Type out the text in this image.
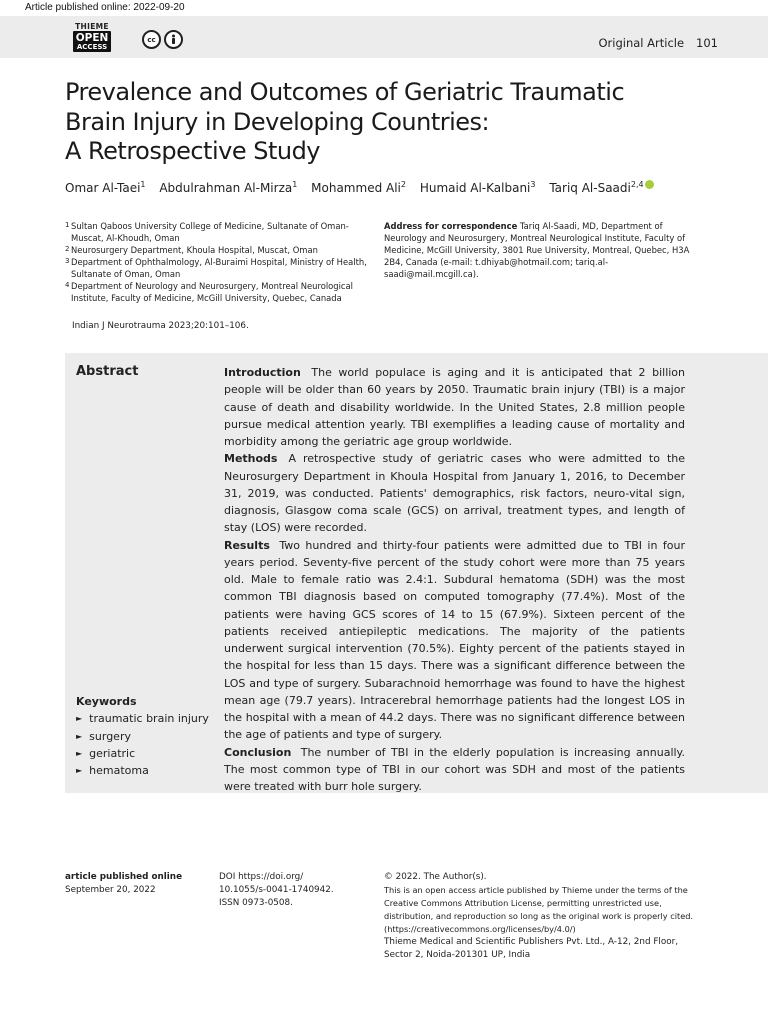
Article published online: 2022-09-20
THIEME
OPEN
ACCESS
cc	Original Article 101
Prevalence and Outcomes of Geriatric Traumatic
Brain Injury in Developing Countries:
A Retrospective Study
Omar Al-Taei$^1$ Abdulrahman Al-Mirza$^1$ Mohammed Ali$^2$ Humaid Al-Kalbani$^3$ Tariq Al-Saadi$^{2,4}$
1 Sultan Qaboos University College of Medicine, Sultanate of Oman-Muscat, Al-Khoudh, Oman
2 Neurosurgery Department, Khoula Hospital, Muscat, Oman
3 Department of Ophthalmology, Al-Buraimi Hospital, Ministry of Health, Sultanate of Oman, Oman
4 Department of Neurology and Neurosurgery, Montreal Neurological Institute, Faculty of Medicine, McGill University, Quebec, Canada
Address for correspondence Tariq Al-Saadi, MD, Department of Neurology and Neurosurgery, Montreal Neurological Institute, Faculty of Medicine, McGill University, 3801 Rue University, Montreal, Quebec, H3A 2B4, Canada (e-mail: t.dhiyab@hotmail.com; tariq.al-saadi@mail.mcgill.ca).
Indian J Neurotrauma 2023;20:101–106.
Abstract	Introduction The world populace is aging and it is anticipated that 2 billion people will be older than 60 years by 2050. Traumatic brain injury (TBI) is a major cause of death and disability worldwide. In the United States, 2.8 million people pursue medical attention yearly. TBI exemplifies a leading cause of mortality and morbidity among the geriatric age group worldwide.

Methods A retrospective study of geriatric cases who were admitted to the Neurosurgery Department in Khoula Hospital from January 1, 2016, to December 31, 2019, was conducted. Patients' demographics, risk factors, neuro-vital sign, diagnosis, Glasgow coma scale (GCS) on arrival, treatment types, and length of stay (LOS) were recorded.

Results Two hundred and thirty-four patients were admitted due to TBI in four years period. Seventy-five percent of the study cohort were more than 75 years old. Male to female ratio was 2.4:1. Subdural hematoma (SDH) was the most common TBI diagnosis based on computed tomography (77.4%). Most of the patients were having GCS scores of 14 to 15 (67.9%). Sixteen percent of the patients received antiepileptic medications. The majority of the patients underwent surgical intervention (70.5%). Eighty percent of the patients stayed in the hospital for less than 15 days. There was a significant difference between the LOS and type of surgery. Subarachnoid hemorrhage was found to have the highest mean age (79.7 years). Intracerebral hemorrhage patients had the longest LOS in the hospital with a mean of 44.2 days. There was no significant difference between the age of patients and type of surgery.

Conclusion The number of TBI in the elderly population is increasing annually. The most common type of TBI in our cohort was SDH and most of the patients were treated with burr hole surgery.

Keywords
► traumatic brain injury
► surgery
► geriatric
► hematoma
article published online
September 20, 2022
DOI https://doi.org/
10.1055/s-0041-1740942.
ISSN 0973-0508.
© 2022. The Author(s).
This is an open access article published by Thieme under the terms of the Creative Commons Attribution License, permitting unrestricted use, distribution, and reproduction so long as the original work is properly cited. (https://creativecommons.org/licenses/by/4.0/)
Thieme Medical and Scientific Publishers Pvt. Ltd., A-12, 2nd Floor, Sector 2, Noida-201301 UP, India
